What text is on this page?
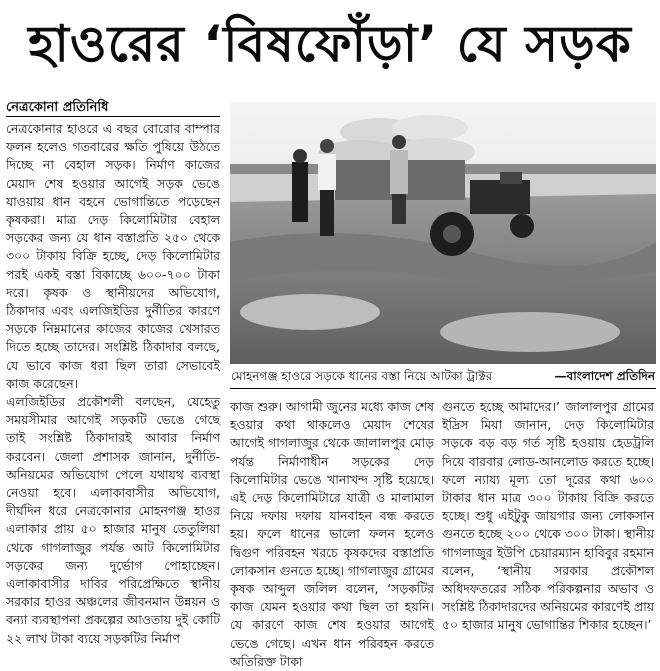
হাওরের ‘বিষফোঁড়া’ যে সড়ক
নেত্রকোনা প্রতিনিধি

নেত্রকোনার হাওরে এ বছর বোরোর বাম্পার ফলন হলেও গতবারের ক্ষতি পুষিয়ে উঠতে দিচ্ছে না বেহাল সড়ক। নির্মাণ কাজের মেয়াদ শেষ হওয়ার আগেই সড়ক ভেঙে যাওয়ায় ধান বহনে ভোগান্তিতে পড়েছেন কৃষকরা। মাত্র দেড় কিলোমিটার বেহাল সড়কের জন্য যে ধান বস্তাপ্রতি ২৫০ থেকে ৩০০ টাকায় বিক্রি হচ্ছে, দেড় কিলোমিটার পরই একই বস্তা বিকাচ্ছে ৬০০-৭০০ টাকা দরে। কৃষক ও স্থানীয়দের অভিযোগ, ঠিকাদার এবং এলজিইডির দুর্নীতির কারণে সড়কে নিম্নমানের কাজের কাজের খেসারত দিতে হচ্ছে তাদের। সংশ্লিষ্ট ঠিকাদার বলছে, যে ভাবে কাজ ধরা ছিল তারা সেভাবেই কাজ করেছেন।

এলজিইডির প্রকৌশলী বলছেন, যেহেতু সময়সীমার আগেই সড়কটি ভেঙে গেছে তাই সংশ্লিষ্ট ঠিকাদারই আবার নির্মাণ করবেন। জেলা প্রশাসক জানান, দুর্নীতি-অনিয়মের অভিযোগ পেলে যথাযথ ব্যবস্থা নেওয়া হবে। এলাকাবাসীর অভিযোগ, দীর্ঘদিন ধরে নেত্রকোনার মোহনগঞ্জ হাওর এলাকার প্রায় ৫০ হাজার মানুষ তেতুলিয়া থেকে গাগলাজুর পর্যন্ত আট কিলোমিটার সড়কের জন্য দুর্ভোগ পোহাচ্ছেন। এলাকাবাসীর দাবির পরিপ্রেক্ষিতে স্থানীয় সরকার হাওর অঞ্চলের জীবনমান উন্নয়ন ও বন্যা ব্যবস্থাপনা প্রকল্পের আওতায় দুই কোটি ২২ লাখ টাকা ব্যয়ে সড়কটির নির্মাণ

মোহনগঞ্জ হাওরে সড়কে ধানের বস্তা নিয়ে আটকা ট্রাক্টর	—বাংলাদেশ প্রতিদিন

কাজ শুরু। আগামী জুনের মধ্যে কাজ শেষ হওয়ার কথা থাকলেও মেয়াদ শেষের আগেই গাগলাজুর থেকে জালালপুর মোড় পর্যন্ত নির্মাণাধীন সড়কের দেড় কিলোমিটার ভেঙে খানাখন্দ সৃষ্টি হয়েছে। এই দেড় কিলোমিটারে যাত্রী ও মালামাল নিয়ে দফায় দফায় যানবাহন বন্ধ করতে হয়। ফলে ধানের ভালো ফলন হলেও দ্বিগুণ পরিবহন খরচে কৃষকদের বস্তাপ্রতি লোকসান গুনতে হচ্ছে। গাগলাজুর গ্রামের কৃষক আব্দুল জলিল বলেন, ‘সড়কটির কাজ যেমন হওয়ার কথা ছিল তা হয়নি। যে কারণে কাজ শেষ হওয়ার আগেই ভেঙে গেছে। এখন ধান পরিবহন করতে অতিরিক্ত টাকা

গুনতে হচ্ছে আমাদের।’ জালালপুর গ্রামের ইদ্রিস মিয়া জানান, দেড় কিলোমিটার সড়কে বড় বড় গর্ত সৃষ্টি হওয়ায় হেডট্রলি দিয়ে বারবার লোড-আনলোড করতে হচ্ছে। ফলে ন্যায্য মূল্য তো দূরের কথা ৬০০ টাকার ধান মাত্র ৩০০ টাকায় বিক্রি করতে হচ্ছে। শুধু এইটুকু জায়গার জন্য লোকসান গুনতে হচ্ছে ২০০ থেকে ৩০০ টাকা। স্থানীয় গাগলাজুর ইউপি চেয়ারম্যান হাবিবুর রহমান বলেন, ‘স্থানীয় সরকার প্রকৌশল অধিদফতরের সঠিক পরিকল্পনার অভাব ও সংশ্লিষ্ট ঠিকাদারদের অনিয়মের কারণেই প্রায় ৫০ হাজার মানুষ ভোগান্তির শিকার হচ্ছেন।’
